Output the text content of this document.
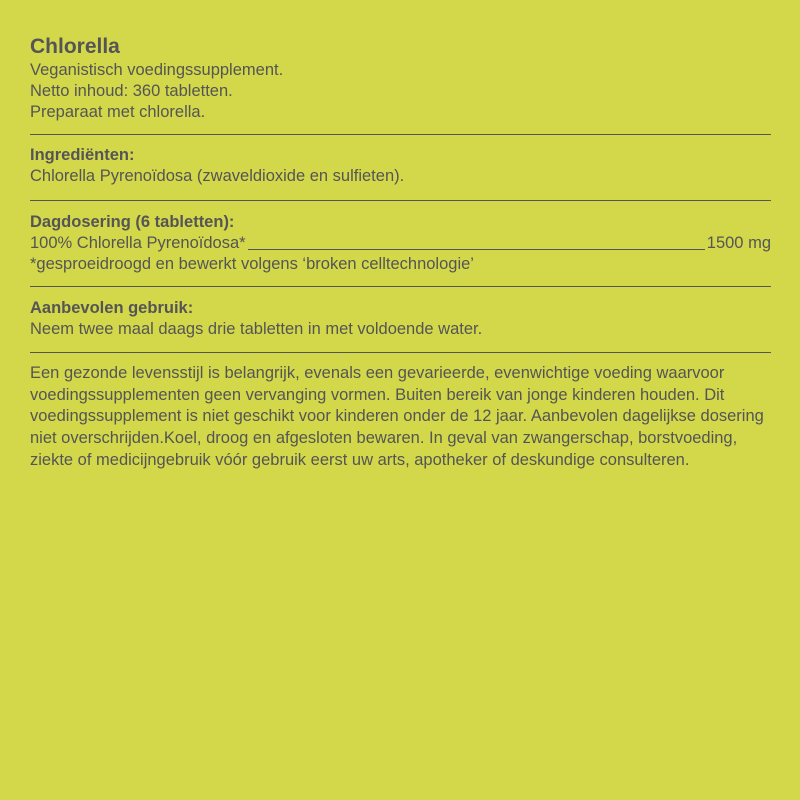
Chlorella

Veganistisch voedingssupplement.

Netto inhoud: 360 tabletten.

Preparaat met chlorella.

Ingrediënten:

Chlorella Pyrenoïdosa (zwaveldioxide en sulfieten).

Dagdosering (6 tabletten):

100% Chlorella Pyrenoïdosa*	1500 mg

*gesproeidroogd en bewerkt volgens ‘broken celltechnologie’

Aanbevolen gebruik:

Neem twee maal daags drie tabletten in met voldoende water.

Een gezonde levensstijl is belangrijk, evenals een gevarieerde, evenwichtige voeding waarvoor voedingssupplementen geen vervanging vormen. Buiten bereik van jonge kinderen houden. Dit voedingssupplement is niet geschikt voor kinderen onder de 12 jaar. Aanbevolen dagelijkse dosering niet overschrijden.Koel, droog en afgesloten bewaren. In geval van zwangerschap, borstvoeding, ziekte of medicijngebruik vóór gebruik eerst uw arts, apotheker of deskundige consulteren.
